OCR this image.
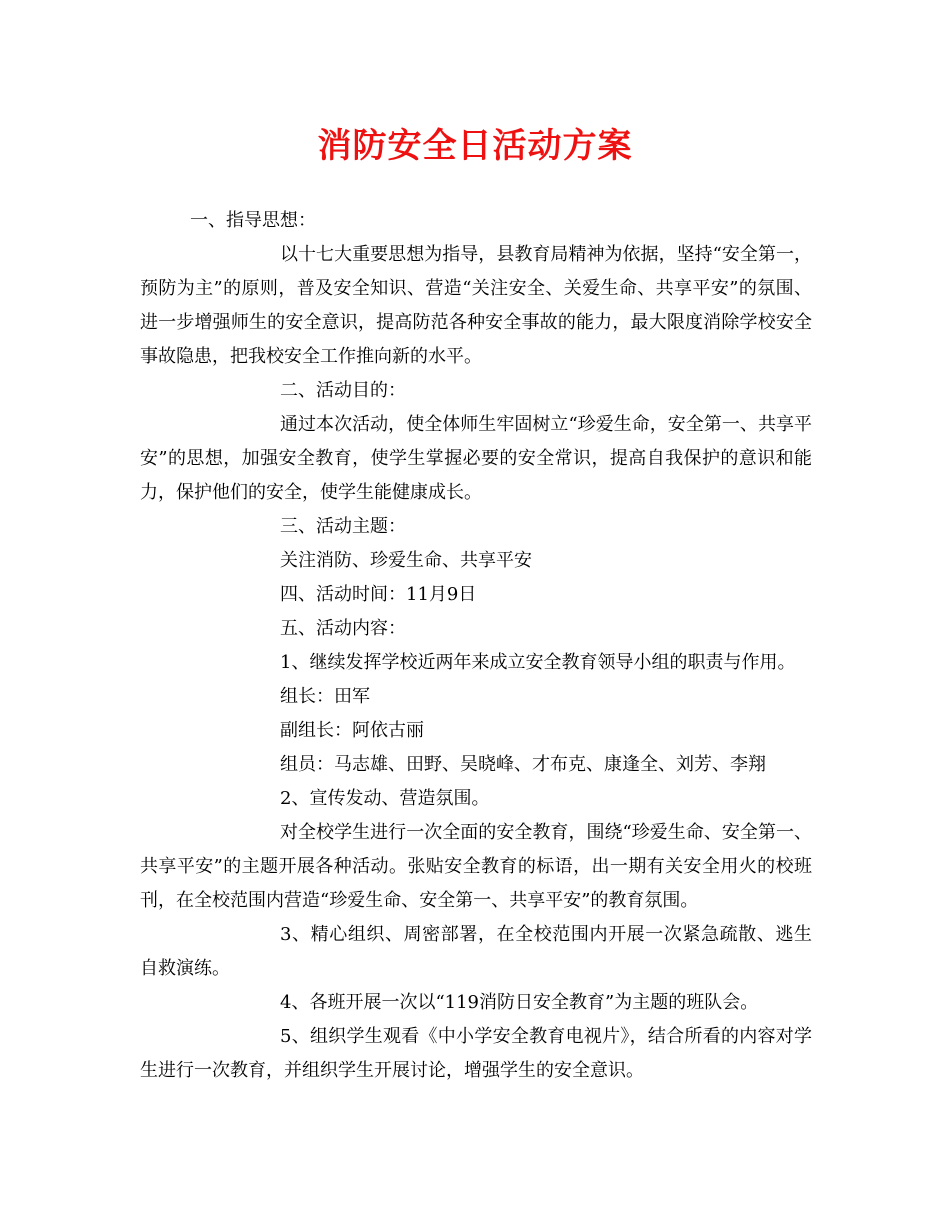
消防安全日活动方案

一、指导思想：

以十七大重要思想为指导，县教育局精神为依据，坚持“安全第一，预防为主”的原则，普及安全知识、营造“关注安全、关爱生命、共享平安”的氛围、进一步增强师生的安全意识，提高防范各种安全事故的能力，最大限度消除学校安全事故隐患，把我校安全工作推向新的水平。

二、活动目的：

通过本次活动，使全体师生牢固树立“珍爱生命，安全第一、共享平安”的思想，加强安全教育，使学生掌握必要的安全常识，提高自我保护的意识和能力，保护他们的安全，使学生能健康成长。

三、活动主题：

关注消防、珍爱生命、共享平安

四、活动时间：11月9日

五、活动内容：

1、继续发挥学校近两年来成立安全教育领导小组的职责与作用。

组长：田军

副组长：阿依古丽

组员：马志雄、田野、吴晓峰、才布克、康逢全、刘芳、李翔

2、宣传发动、营造氛围。

对全校学生进行一次全面的安全教育，围绕“珍爱生命、安全第一、共享平安”的主题开展各种活动。张贴安全教育的标语，出一期有关安全用火的校班刊，在全校范围内营造“珍爱生命、安全第一、共享平安”的教育氛围。

3、精心组织、周密部署，在全校范围内开展一次紧急疏散、逃生自救演练。

4、各班开展一次以“119消防日安全教育”为主题的班队会。

5、组织学生观看《中小学安全教育电视片》，结合所看的内容对学生进行一次教育，并组织学生开展讨论，增强学生的安全意识。
